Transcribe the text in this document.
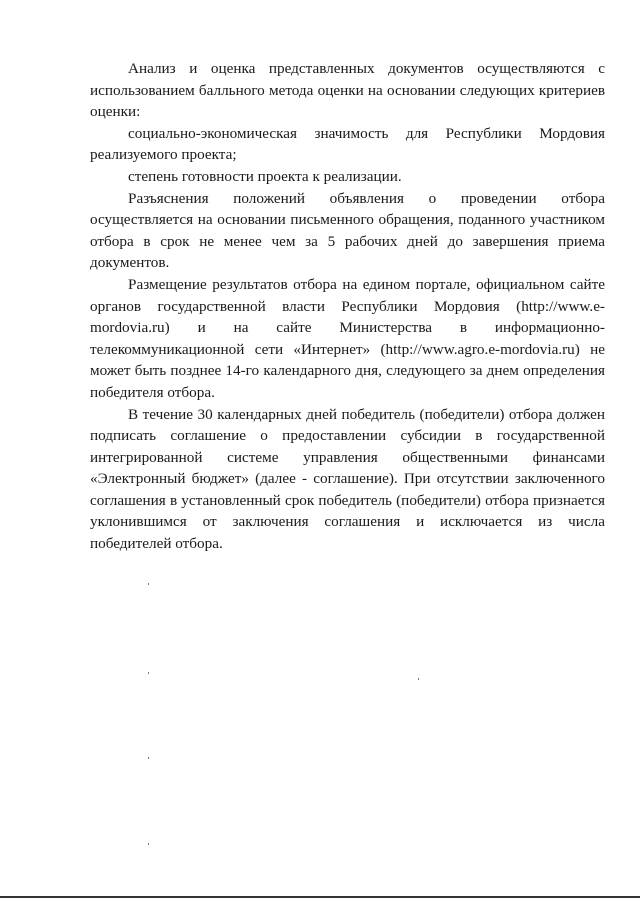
Анализ и оценка представленных документов осуществляются с
использованием балльного метода оценки на основании следующих критериев
оценки:
социально-экономическая значимость для Республики Мордовия
реализуемого проекта;
степень готовности проекта к реализации.
Разъяснения положений объявления о проведении отбора
осуществляется на основании письменного обращения, поданного участником
отбора в срок не менее чем за 5 рабочих дней до завершения приема
документов.
Размещение результатов отбора на едином портале, официальном сайте
органов государственной власти Республики Мордовия (http://www.e-
mordovia.ru) и на сайте Министерства в информационно-
телекоммуникационной сети «Интернет» (http://www.agro.e-mordovia.ru) не
может быть позднее 14-го календарного дня, следующего за днем определения
победителя отбора.
В течение 30 календарных дней победитель (победители) отбора должен
подписать соглашение о предоставлении субсидии в государственной
интегрированной системе управления общественными финансами
«Электронный бюджет» (далее - соглашение). При отсутствии заключенного
соглашения в установленный срок победитель (победители) отбора признается
уклонившимся от заключения соглашения и исключается из числа
победителей отбора.
